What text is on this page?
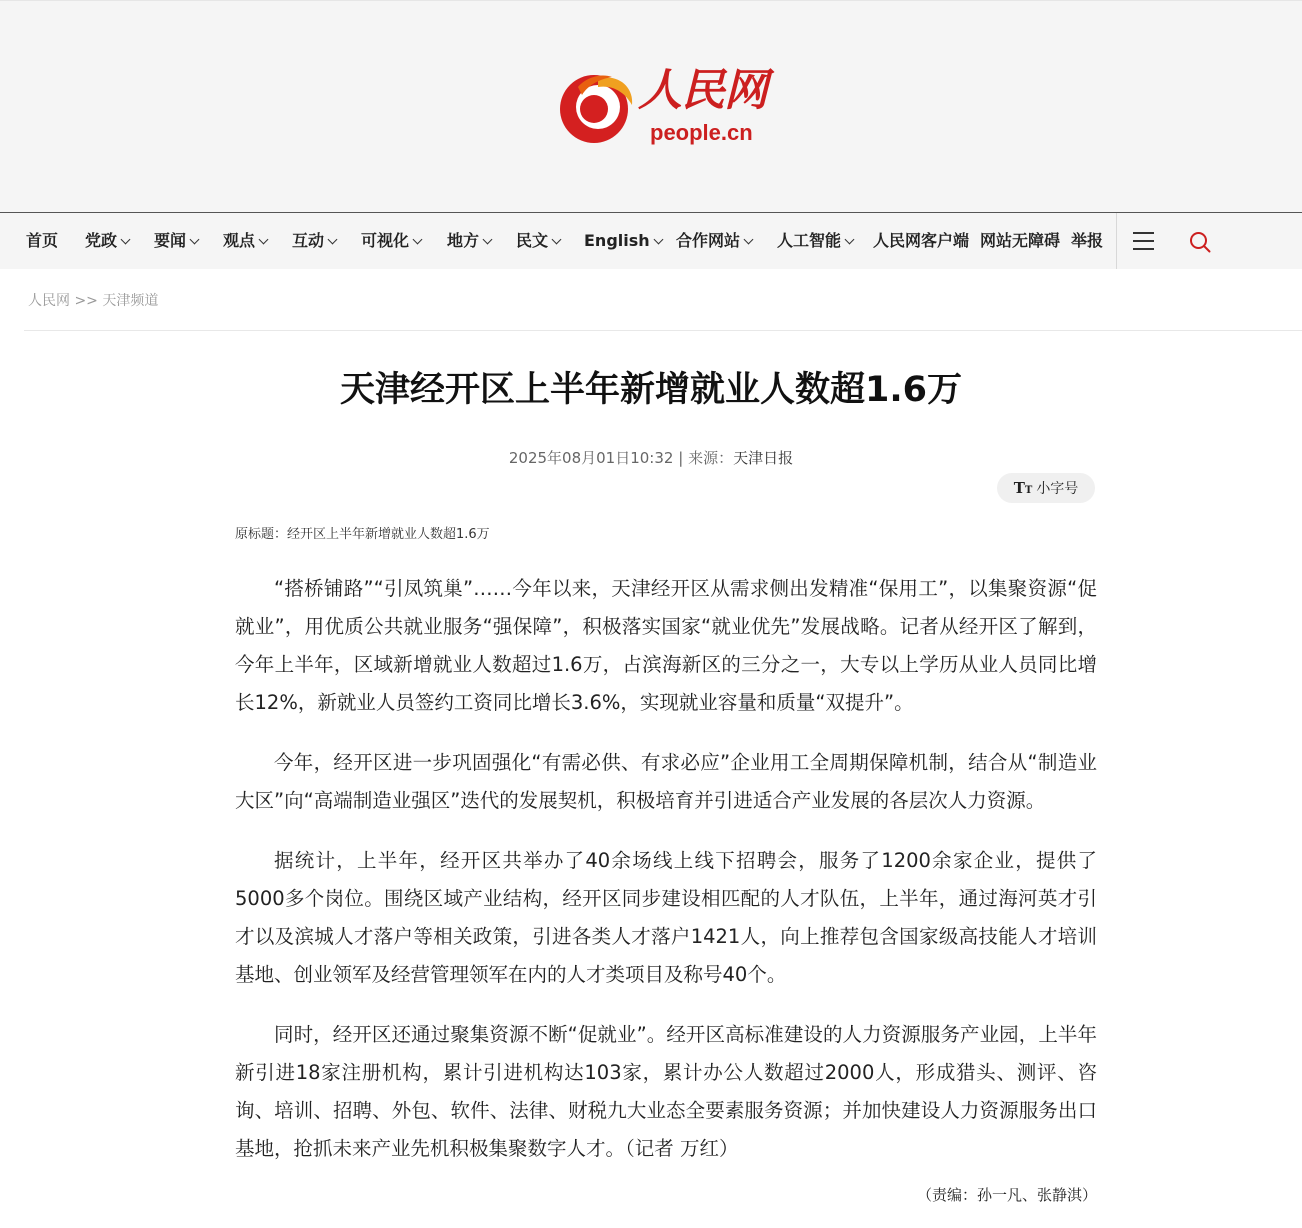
人民网
people.cn
首页 党政	要闻	观点	互动	可视化	地方	民文	English	合作网站	人工智能	人民网客户端 网站无障碍 举报
人民网 >> 天津频道
天津经开区上半年新增就业人数超1.6万
2025年08月01日10:32 | 来源：天津日报
TT 小字号
原标题：经开区上半年新增就业人数超1.6万

“搭桥铺路”“引凤筑巢”……今年以来，天津经开区从需求侧出发精准“保用工”，以集聚资源“促就业”，用优质公共就业服务“强保障”，积极落实国家“就业优先”发展战略。记者从经开区了解到，今年上半年，区域新增就业人数超过1.6万，占滨海新区的三分之一，大专以上学历从业人员同比增长12%，新就业人员签约工资同比增长3.6%，实现就业容量和质量“双提升”。

今年，经开区进一步巩固强化“有需必供、有求必应”企业用工全周期保障机制，结合从“制造业大区”向“高端制造业强区”迭代的发展契机，积极培育并引进适合产业发展的各层次人力资源。

据统计，上半年，经开区共举办了40余场线上线下招聘会，服务了1200余家企业，提供了5000多个岗位。围绕区域产业结构，经开区同步建设相匹配的人才队伍，上半年，通过海河英才引才以及滨城人才落户等相关政策，引进各类人才落户1421人，向上推荐包含国家级高技能人才培训基地、创业领军及经营管理领军在内的人才类项目及称号40个。

同时，经开区还通过聚集资源不断“促就业”。经开区高标准建设的人力资源服务产业园，上半年新引进18家注册机构，累计引进机构达103家，累计办公人数超过2000人，形成猎头、测评、咨询、培训、招聘、外包、软件、法律、财税九大业态全要素服务资源；并加快建设人力资源服务出口基地，抢抓未来产业先机积极集聚数字人才。（记者 万红）

（责编：孙一凡、张静淇）
